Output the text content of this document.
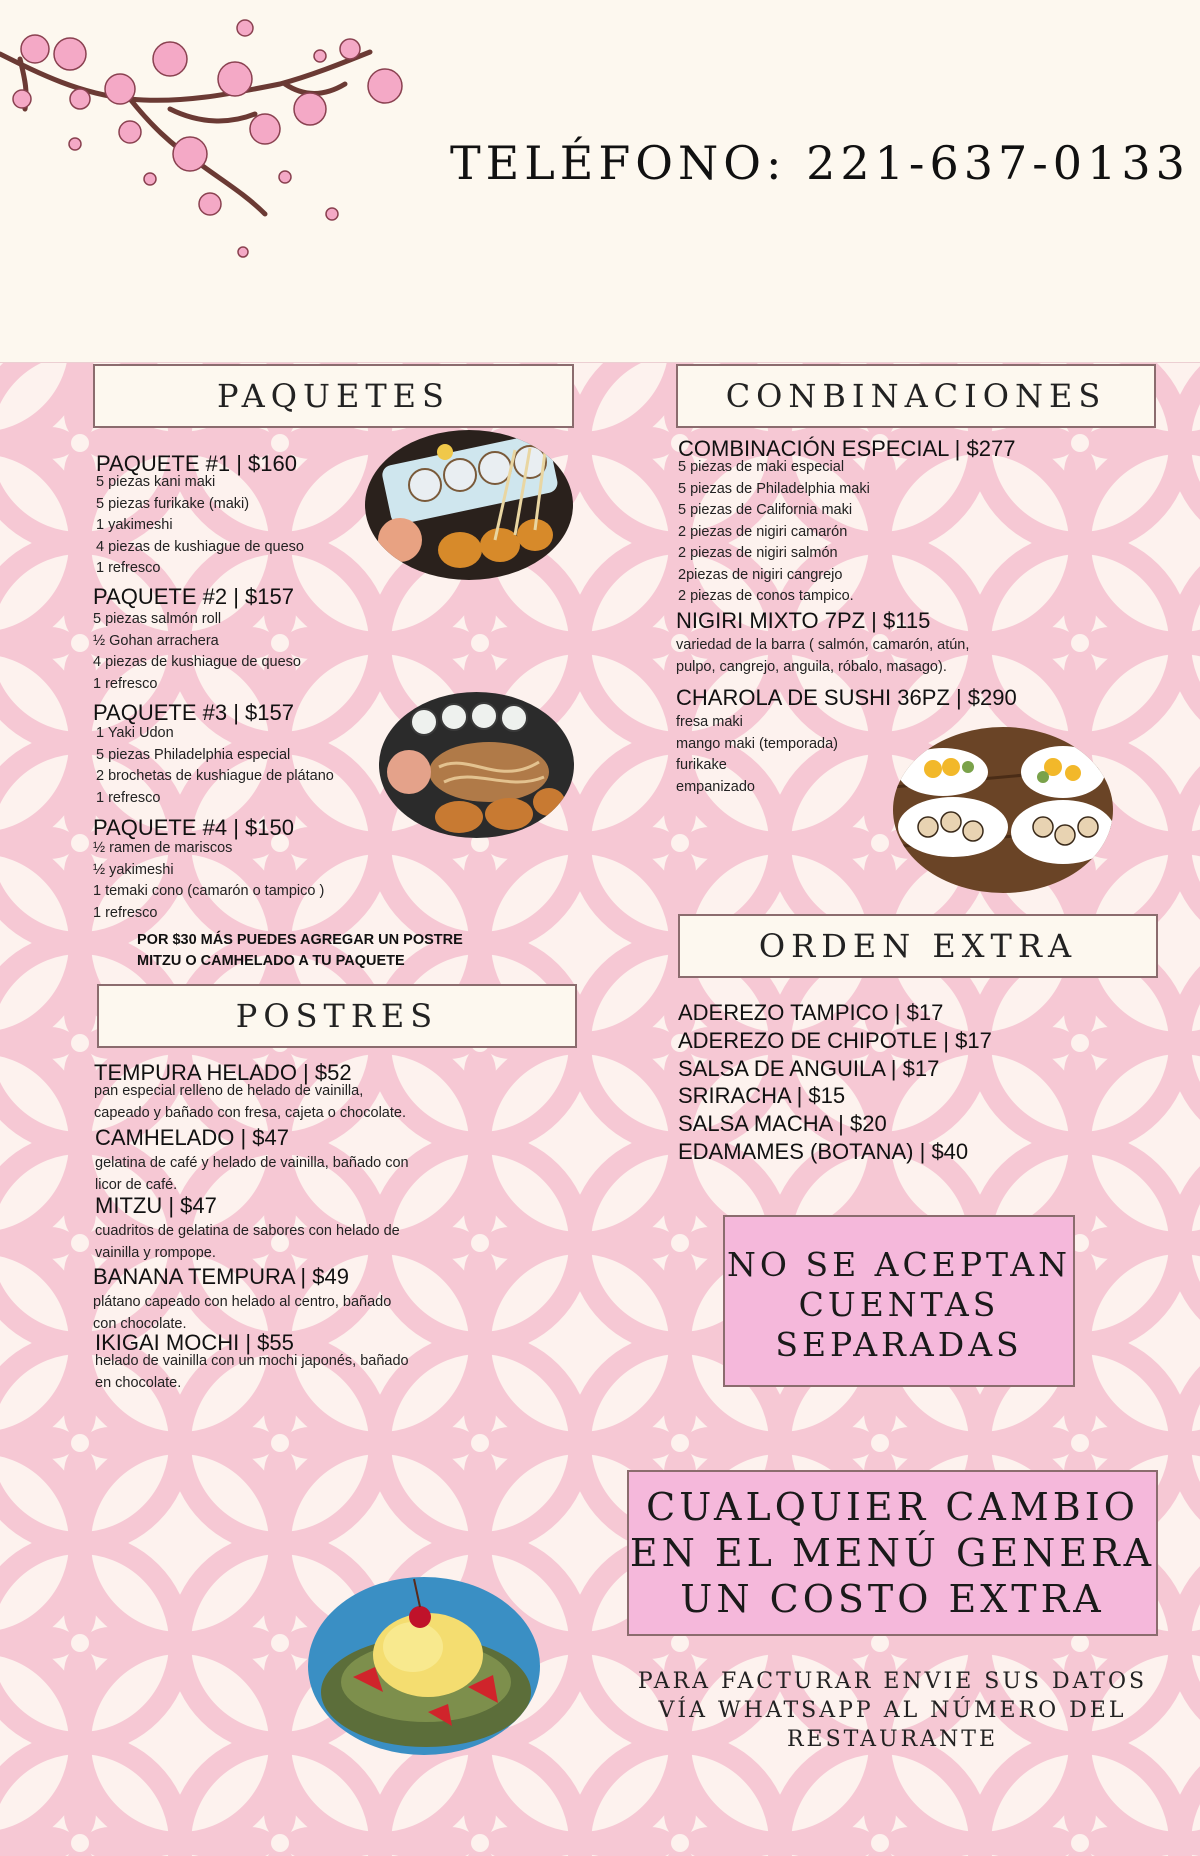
TELÉFONO: 221-637-0133
PAQUETES
PAQUETE #1 | $160
5 piezas kani maki
5 piezas furikake (maki)
1 yakimeshi
4 piezas de kushiague de queso
1 refresco
PAQUETE #2 | $157
5 piezas salmón roll
½ Gohan arrachera
4 piezas de kushiague de queso
1 refresco
PAQUETE #3 | $157
1 Yaki Udon
5 piezas Philadelphia especial
2 brochetas de kushiague de plátano
1 refresco
PAQUETE #4 | $150
½ ramen de mariscos
½ yakimeshi
1 temaki cono (camarón o tampico )
1 refresco
POR $30 MÁS PUEDES AGREGAR UN POSTRE
MITZU O CAMHELADO A TU PAQUETE
POSTRES
TEMPURA HELADO | $52
pan especial relleno de helado de vainilla,
capeado y bañado con fresa, cajeta o chocolate.
CAMHELADO | $47
gelatina de café y helado de vainilla, bañado con
licor de café.
MITZU | $47
cuadritos de gelatina de sabores con helado de
vainilla y rompope.
BANANA TEMPURA | $49
plátano capeado con helado al centro, bañado
con chocolate.
IKIGAI MOCHI | $55
helado de vainilla con un mochi japonés, bañado
en chocolate.
CONBINACIONES
COMBINACIÓN ESPECIAL | $277
5 piezas de maki especial
5 piezas de Philadelphia maki
5 piezas de California maki
2 piezas de nigiri camarón
2 piezas de nigiri salmón
2piezas de nigiri cangrejo
2 piezas de conos tampico.
NIGIRI MIXTO 7PZ | $115
variedad de la barra ( salmón, camarón, atún,
pulpo, cangrejo, anguila, róbalo, masago).
CHAROLA DE SUSHI 36PZ | $290
fresa maki
mango maki (temporada)
furikake
empanizado
ORDEN EXTRA
ADEREZO TAMPICO | $17
ADEREZO DE CHIPOTLE | $17
SALSA DE ANGUILA | $17
SRIRACHA | $15
SALSA MACHA | $20
EDAMAMES (BOTANA) | $40
NO SE ACEPTAN
CUENTAS
SEPARADAS
CUALQUIER CAMBIO
EN EL MENÚ GENERA
UN COSTO EXTRA
PARA FACTURAR ENVIE SUS DATOS
VÍA WHATSAPP AL NÚMERO DEL
RESTAURANTE
